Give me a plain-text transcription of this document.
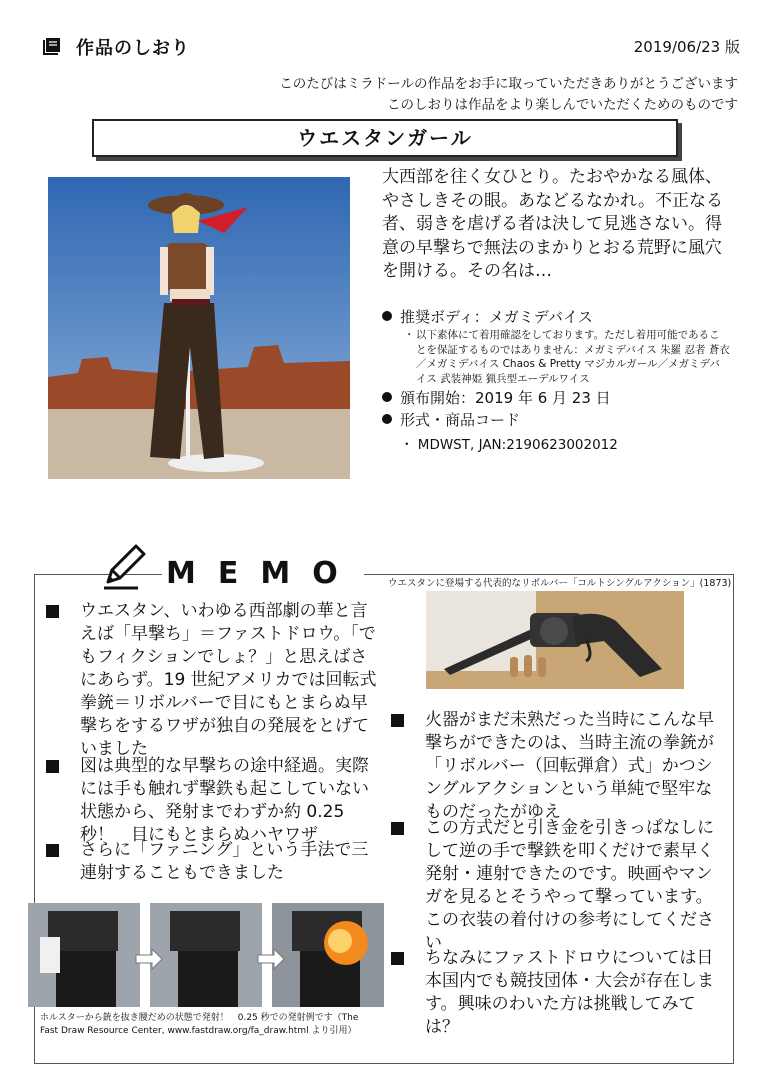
作品のしおり	2019/06/23 版
このたびはミラドールの作品をお手に取っていただきありがとうございます
このしおりは作品をより楽しんでいただくためのものです
ウエスタンガール
大西部を往く女ひとり。たおやかなる風体、やさしきその眼。あなどるなかれ。不正なる者、弱きを虐げる者は決して見逃さない。得意の早撃ちで無法のまかりとおる荒野に風穴を開ける。その名は…
推奨ボディ：メガミデバイス
・ 以下素体にて着用確認をしております。ただし着用可能であることを保証するものではありません：メガミデバイス 朱羅 忍者 蒼衣／メガミデバイス Chaos & Pretty マジカルガール／メガミデバイス 武装神姫 猟兵型エーデルワイス
頒布開始：2019 年 6 月 23 日
形式・商品コード
・ MDWST, JAN:2190623002012
MEMO	ウエスタンに登場する代表的なリボルバー「コルトシングルアクション」(1873)
ウエスタン、いわゆる西部劇の華と言えば「早撃ち」＝ファストドロウ。「でもフィクションでしょ？」と思えばさにあらず。19 世紀アメリカでは回転式拳銃＝リボルバーで目にもとまらぬ早撃ちをするワザが独自の発展をとげていました
図は典型的な早撃ちの途中経過。実際には手も触れず撃鉄も起こしていない状態から、発射までわずか約 0.25 秒！　目にもとまらぬハヤワザ
さらに「ファニング」という手法で三連射することもできました
火器がまだ未熟だった当時にこんな早撃ちができたのは、当時主流の拳銃が「リボルバー（回転弾倉）式」かつシングルアクションという単純で堅牢なものだったがゆえ
この方式だと引き金を引きっぱなしにして逆の手で撃鉄を叩くだけで素早く発射・連射できたのです。映画やマンガを見るとそうやって撃っています。この衣装の着付けの参考にしてください
ちなみにファストドロウについては日本国内でも競技団体・大会が存在します。興味のわいた方は挑戦してみては？
ホルスターから銃を抜き腰だめの状態で発射！　0.25 秒での発射例です（The Fast Draw Resource Center, www.fastdraw.org/fa_draw.html より引用）
